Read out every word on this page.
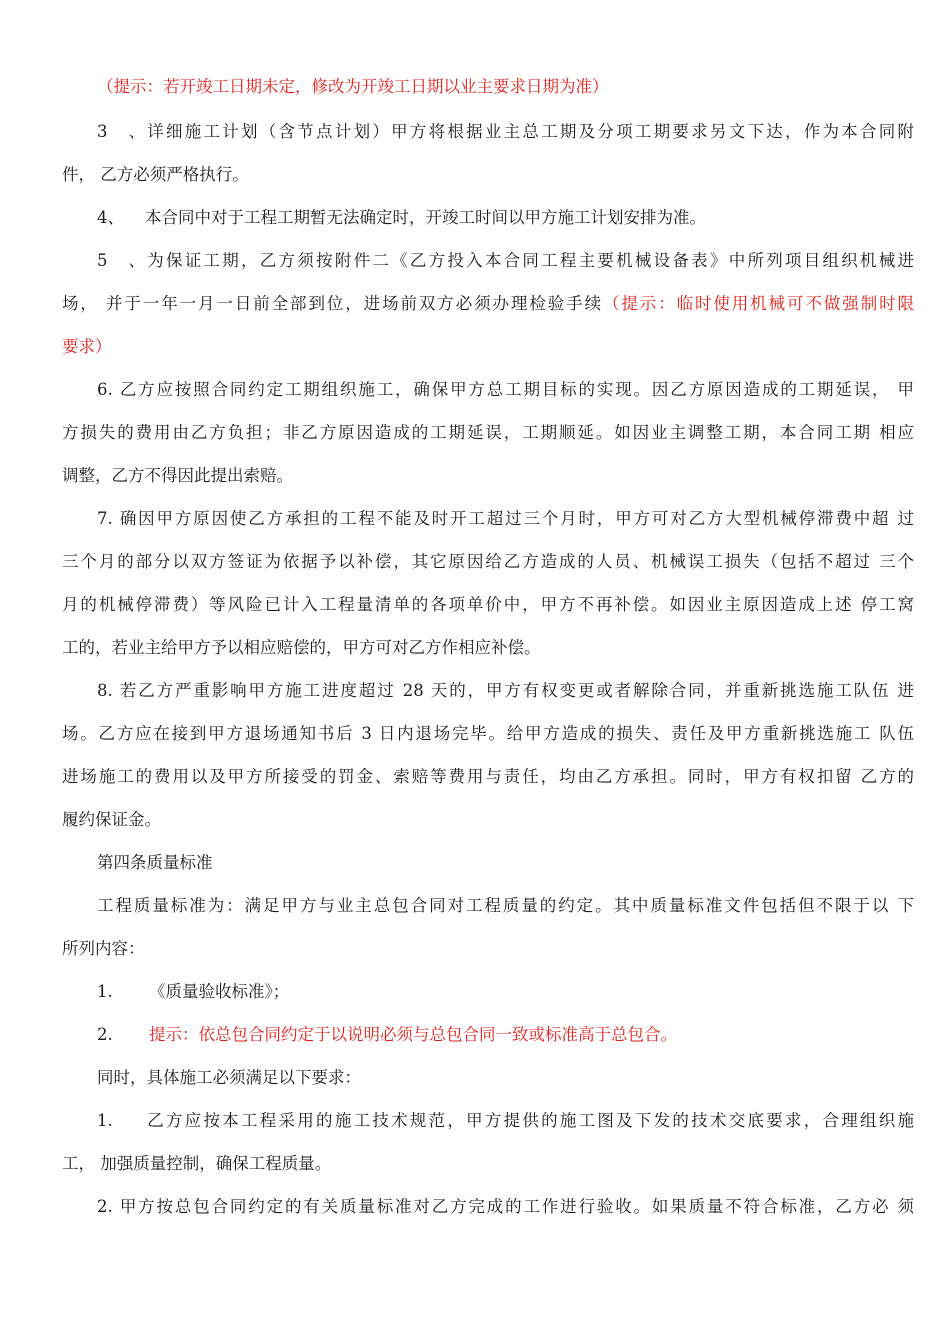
（提示：若开竣工日期未定，修改为开竣工日期以业主要求日期为准）
3、详细施工计划（含节点计划）甲方将根据业主总工期及分项工期要求另文下达，作为本合同附
件， 乙方必须严格执行。
4、 本合同中对于工程工期暂无法确定时，开竣工时间以甲方施工计划安排为准。
5、为保证工期，乙方须按附件二《乙方投入本合同工程主要机械设备表》中所列项目组织机械进
场， 并于一年一月一日前全部到位，进场前双方必须办理检验手续（提示：临时使用机械可不做强制时限
要求）
6. 乙方应按照合同约定工期组织施工，确保甲方总工期目标的实现。因乙方原因造成的工期延误， 甲
方损失的费用由乙方负担；非乙方原因造成的工期延误，工期顺延。如因业主调整工期，本合同工期 相应
调整，乙方不得因此提出索赔。
7. 确因甲方原因使乙方承担的工程不能及时开工超过三个月时，甲方可对乙方大型机械停滞费中超 过
三个月的部分以双方签证为依据予以补偿，其它原因给乙方造成的人员、机械误工损失（包括不超过 三个
月的机械停滞费）等风险已计入工程量清单的各项单价中，甲方不再补偿。如因业主原因造成上述 停工窝
工的，若业主给甲方予以相应赔偿的，甲方可对乙方作相应补偿。
8. 若乙方严重影响甲方施工进度超过 28 天的，甲方有权变更或者解除合同，并重新挑选施工队伍 进
场。乙方应在接到甲方退场通知书后 3 日内退场完毕。给甲方造成的损失、责任及甲方重新挑选施工 队伍
进场施工的费用以及甲方所接受的罚金、索赔等费用与责任，均由乙方承担。同时，甲方有权扣留 乙方的
履约保证金。
第四条质量标准
工程质量标准为：满足甲方与业主总包合同对工程质量的约定。其中质量标准文件包括但不限于以 下
所列内容：
1. 《质量验收标准》；
2. 提示：依总包合同约定于以说明必须与总包合同一致或标准高于总包合。
同时，具体施工必须满足以下要求：
1. 乙方应按本工程采用的施工技术规范，甲方提供的施工图及下发的技术交底要求，合理组织施
工， 加强质量控制，确保工程质量。
2. 甲方按总包合同约定的有关质量标准对乙方完成的工作进行验收。如果质量不符合标准，乙方必 须
